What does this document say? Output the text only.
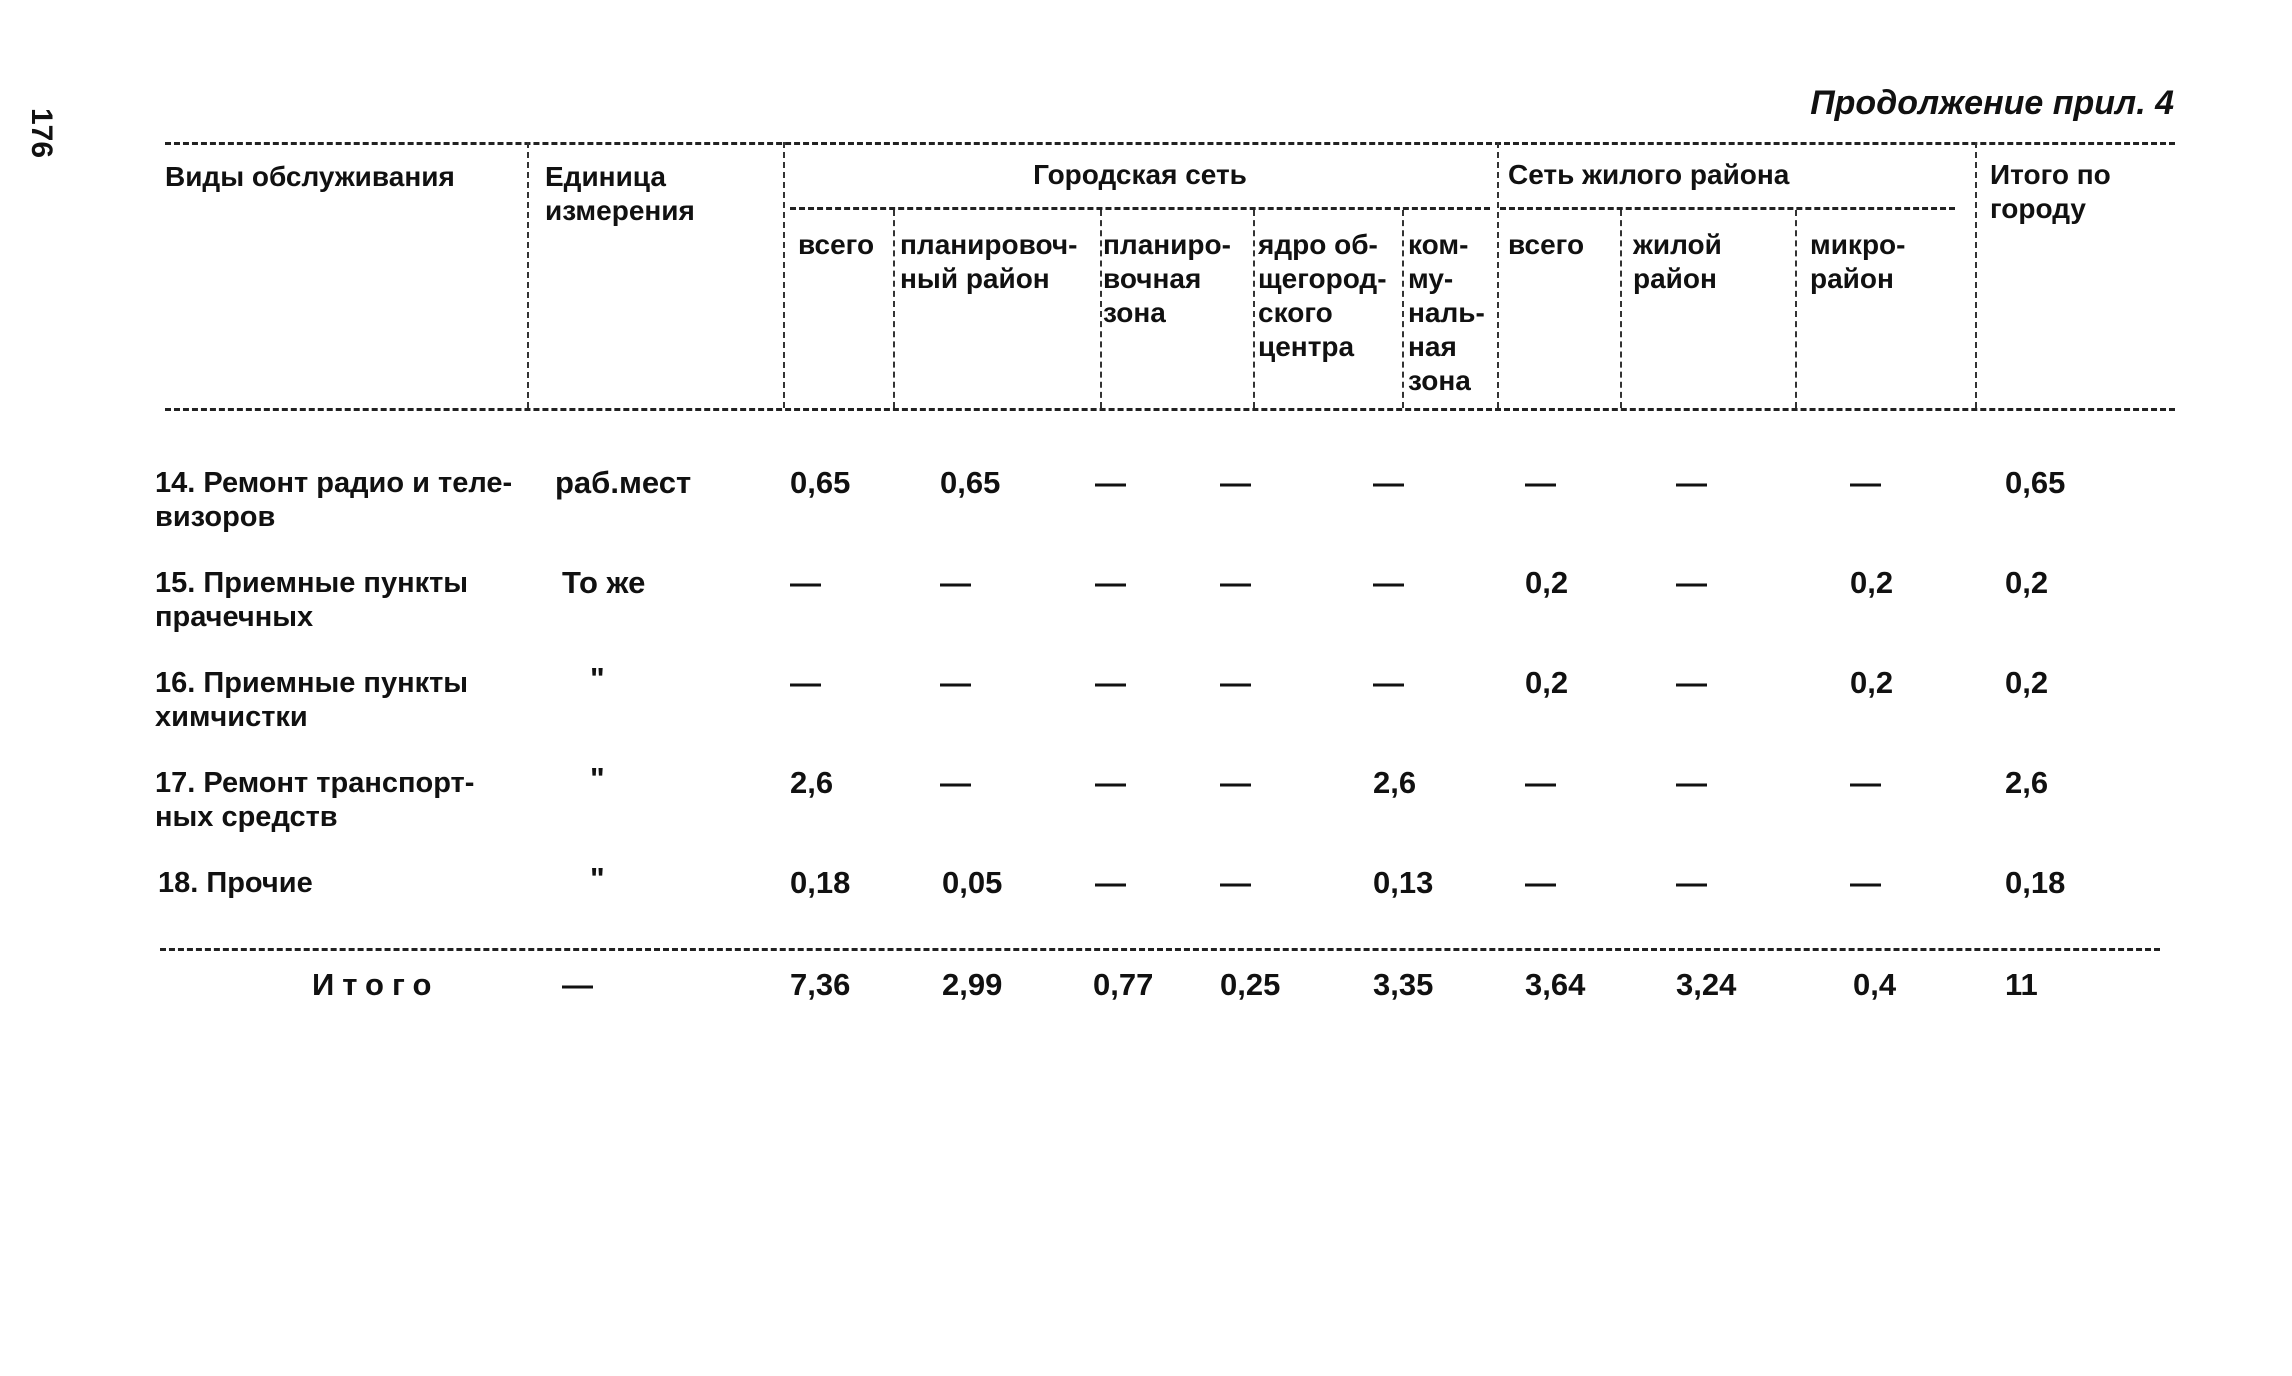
176
Продолжение прил. 4
Виды обслуживания	Единица
измерения
Городская сеть	Сеть жилого района	Итого по
городу
всего планировоч-
ный район
планиро-
вочная
зона
ядро об-
щегород-
ского
центра
ком-
му-
наль-
ная
зона
всего жилой
район
микро-
район
14. Ремонт радио и теле-
визоров
раб.мест	0,65	0,65	—	—	—	—	—	—	0,65
15. Приемные пункты
прачечных
То же	—	—	—	—	—	0,2	—	0,2	0,2
16. Приемные пункты
химчистки
"	—	—	—	—	—	0,2	—	0,2	0,2
17. Ремонт транспорт-
ных средств
"	2,6	—	—	—	2,6	—	—	—	2,6
18. Прочие	"	0,18	0,05	—	—	0,13	—	—	—	0,18
Итого	—	7,36	2,99	0,77 0,25	3,35	3,64	3,24	0,4	11
